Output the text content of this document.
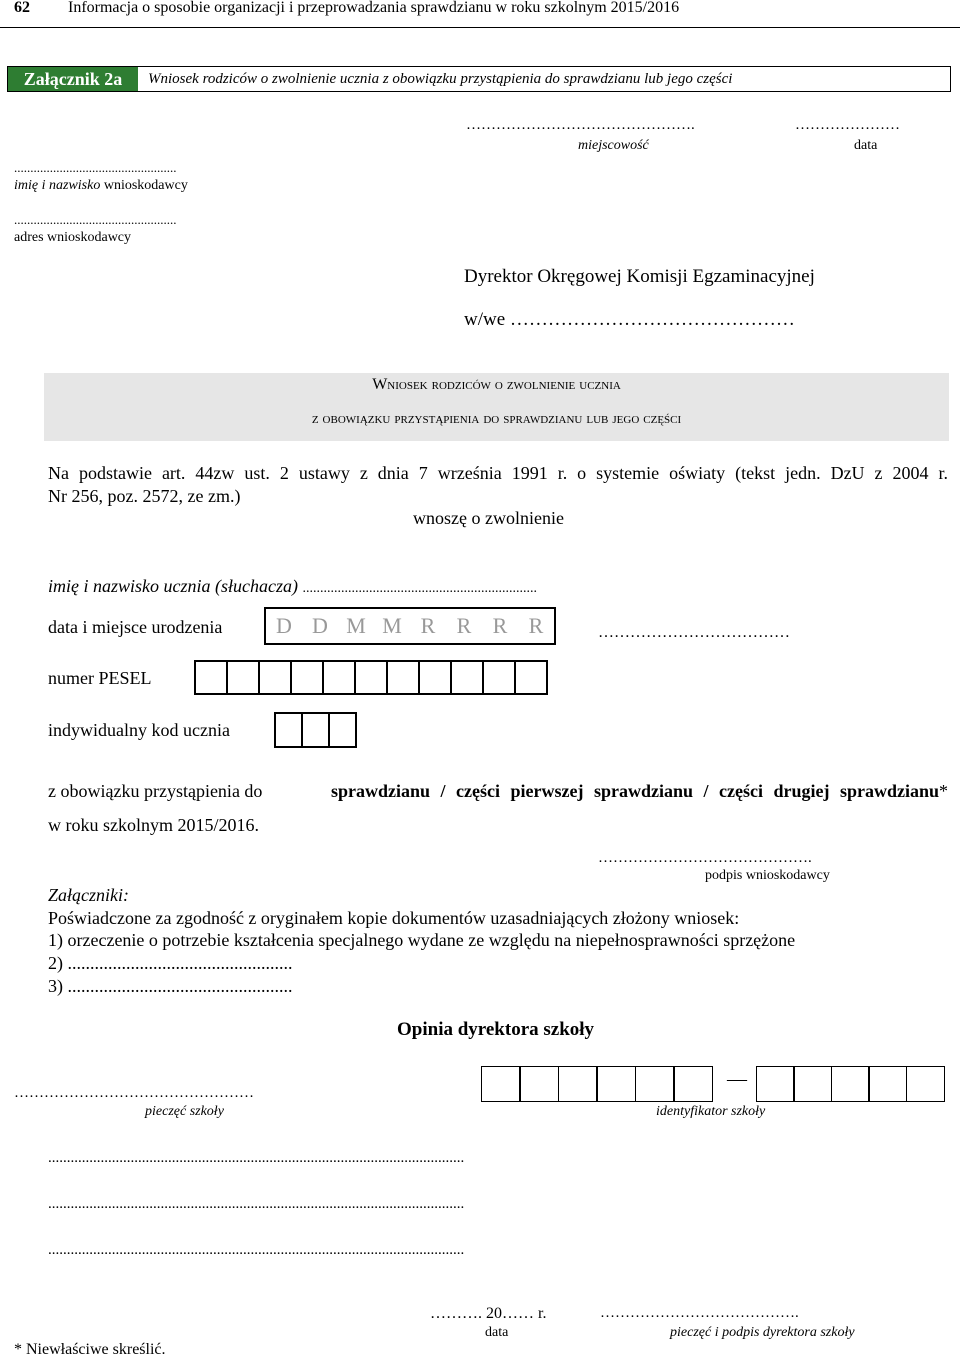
62 Informacja o sposobie organizacji i przeprowadzania sprawdzianu w roku szkolnym 2015/2016
Załącznik 2a	Wniosek rodziców o zwolnienie ucznia z obowiązku przystąpienia do sprawdzianu lub jego części
……………………………………….
miejscowość
…………………
data
..................................................
imię i nazwisko wnioskodawcy
..................................................
adres wnioskodawcy
Dyrektor Okręgowej Komisji Egzaminacyjnej
w/we ………………………………………
Wniosek rodziców o zwolnienie ucznia
z obowiązku przystąpienia do sprawdzianu lub jego części
Na podstawie art. 44zw ust. 2 ustawy z dnia 7 września 1991 r. o systemie oświaty (tekst jedn. DzU z 2004 r.
Nr 256, poz. 2572, ze zm.)
wnoszę o zwolnienie
imię i nazwisko ucznia (słuchacza) ...................................................................
data i miejsce urodzenia	D D M M R R R R	………………………………
numer PESEL
indywidualny kod ucznia
z obowiązku przystąpienia do	sprawdzianu / części pierwszej sprawdzianu / części drugiej sprawdzianu*
w roku szkolnym 2015/2016.
…………………………………….
podpis wnioskodawcy
Załączniki:
Poświadczone za zgodność z oryginałem kopie dokumentów uzasadniających złożony wniosek:
1) orzeczenie o potrzebie kształcenia specjalnego wydane ze względu na niepełnosprawności sprzężone
2) ..................................................
3) ..................................................
Opinia dyrektora szkoły
…………………………………………
pieczęć szkoły
—
identyfikator szkoły
...............................................................................................................
...............................................................................................................
...............................................................................................................
………. 20…… r.
data
………………………………….
pieczęć i podpis dyrektora szkoły
* Niewłaściwe skreślić.
